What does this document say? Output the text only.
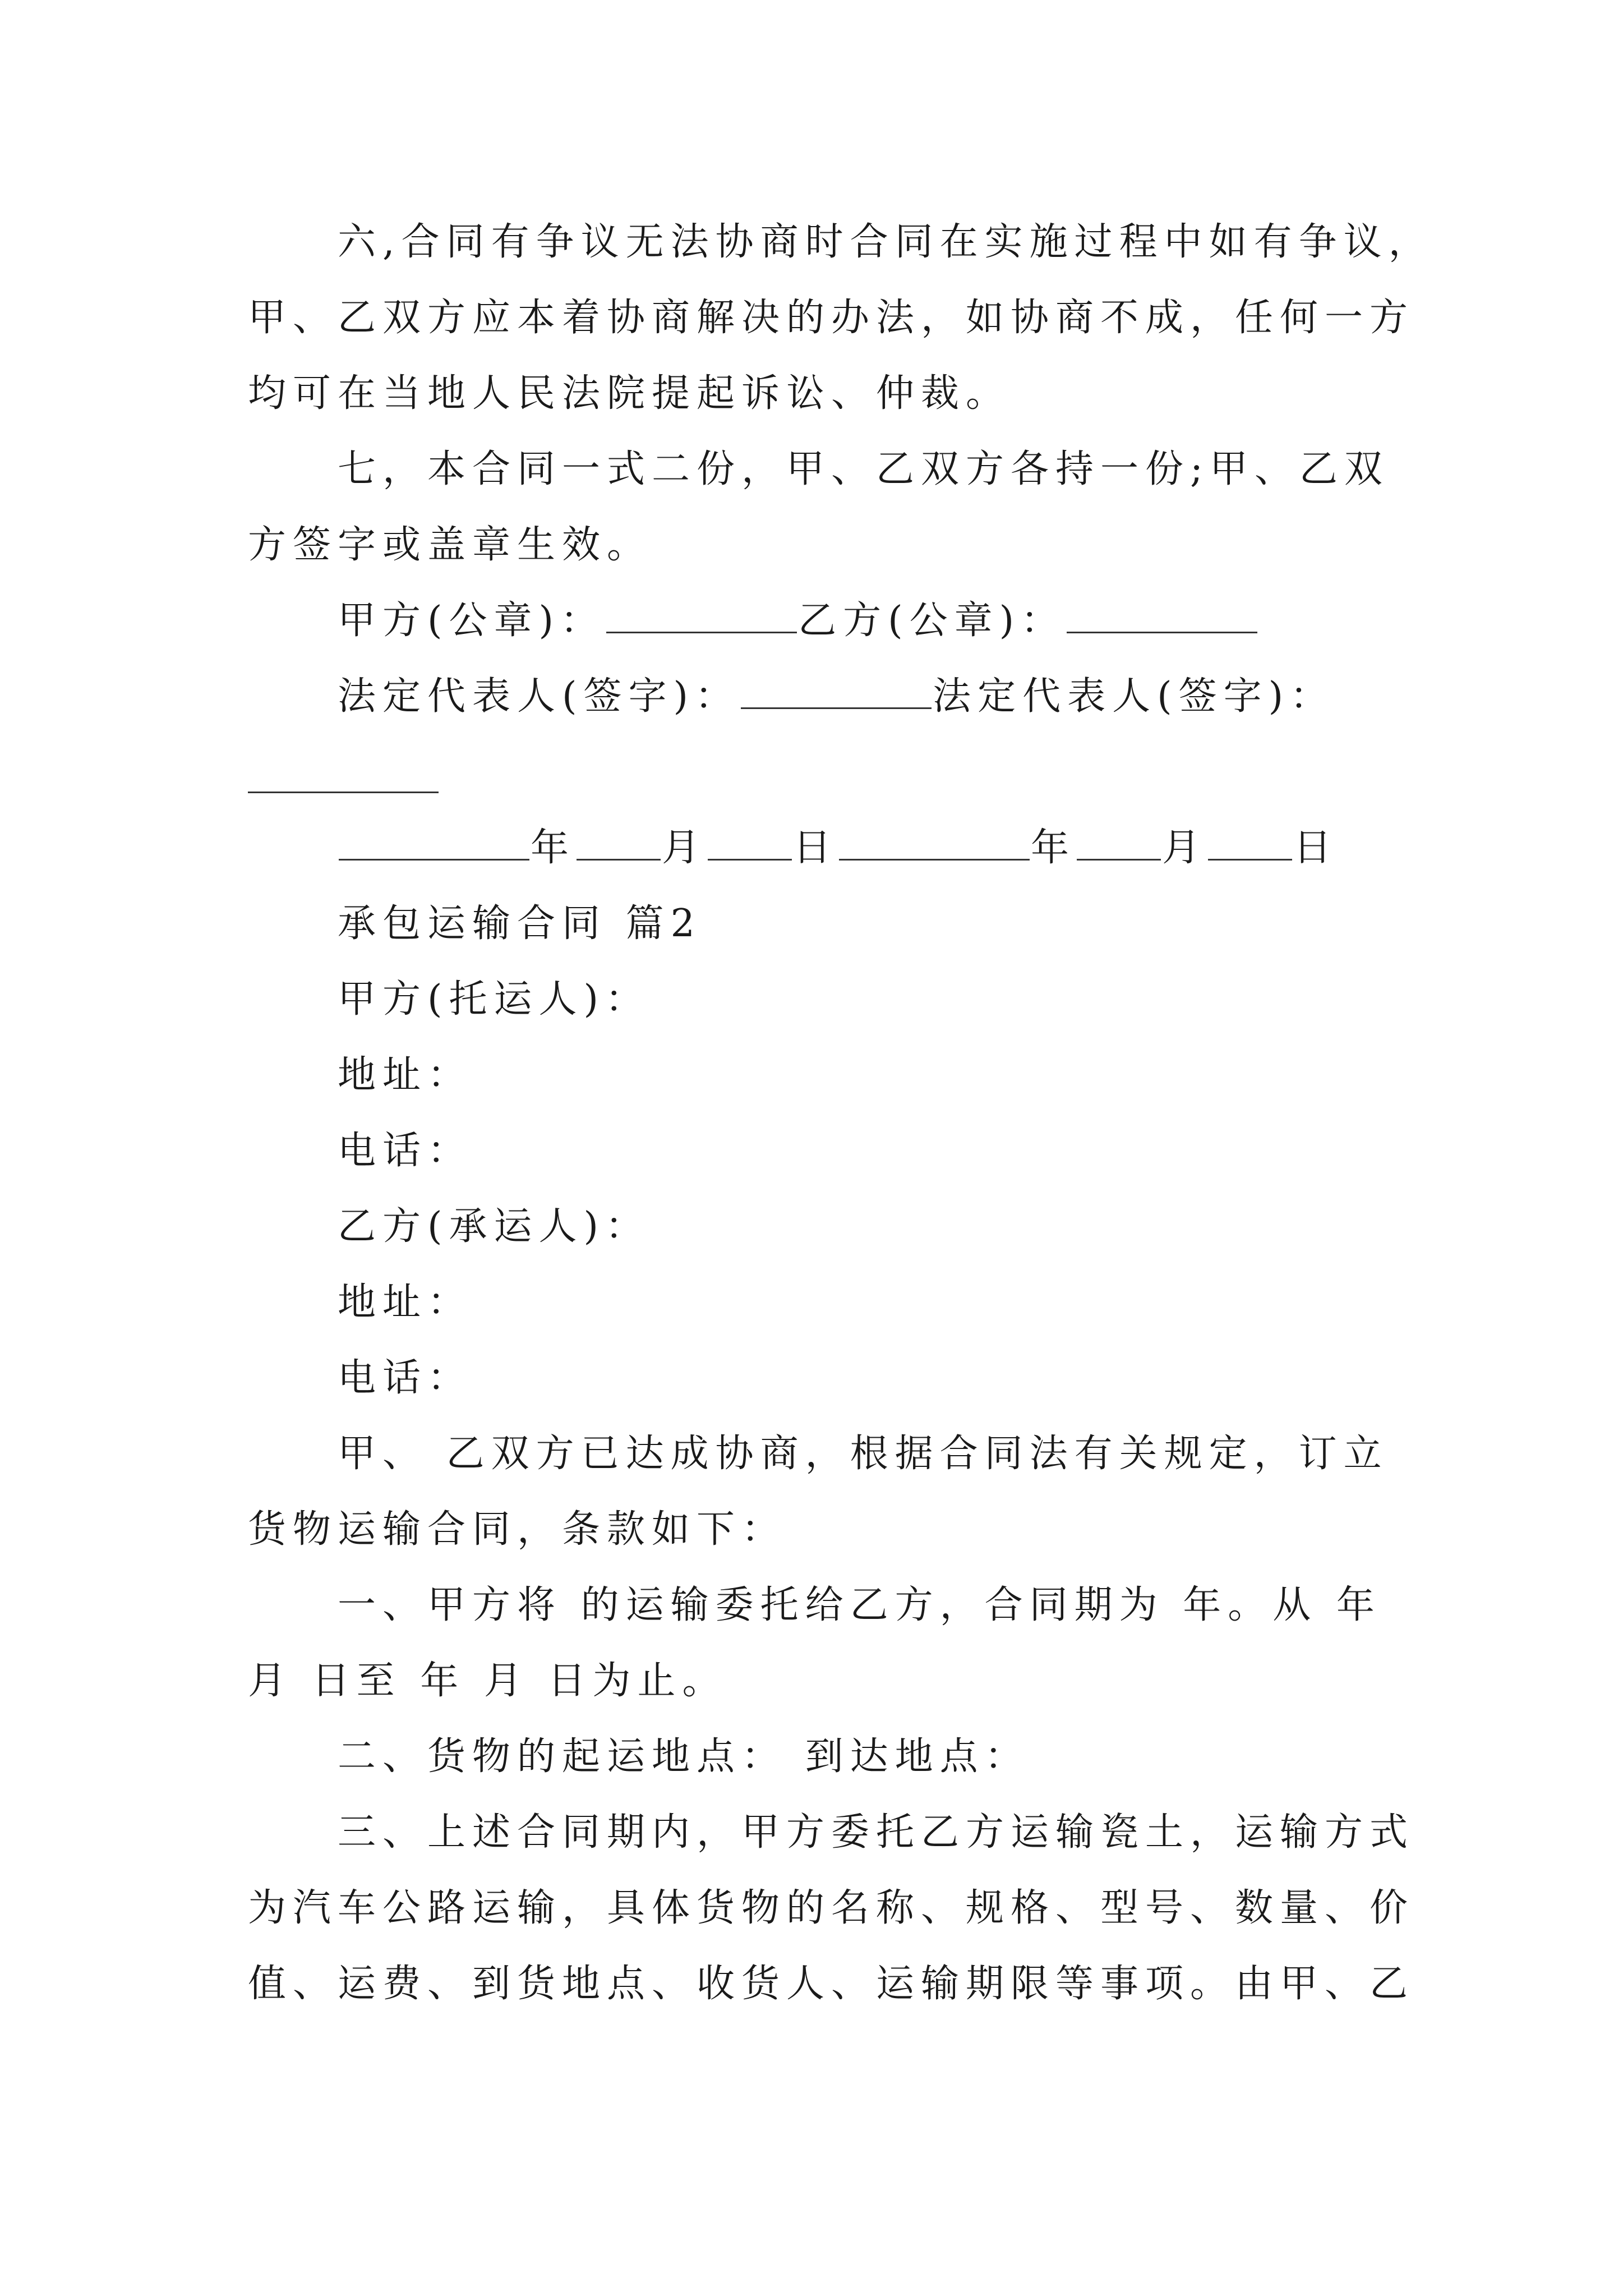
六,合同有争议无法协商时合同在实施过程中如有争议，
甲、乙双方应本着协商解决的办法，如协商不成，任何一方
均可在当地人民法院提起诉讼、仲裁。
七，本合同一式二份，甲、乙双方各持一份;甲、乙双
方签字或盖章生效。
甲方(公章)：	乙方(公章)：
法定代表人(签字)：	法定代表人(签字)：
年 月 日	年 月 日
承包运输合同 篇2
甲方(托运人)：
地址：
电话：
乙方(承运人)：
地址：
电话：
甲、 乙双方已达成协商，根据合同法有关规定，订立
货物运输合同，条款如下：
一、甲方将 的运输委托给乙方，合同期为 年。从 年
月 日至 年 月 日为止。
二、货物的起运地点： 到达地点：
三、上述合同期内，甲方委托乙方运输瓷土，运输方式
为汽车公路运输，具体货物的名称、规格、型号、数量、价
值、运费、到货地点、收货人、运输期限等事项。由甲、乙
